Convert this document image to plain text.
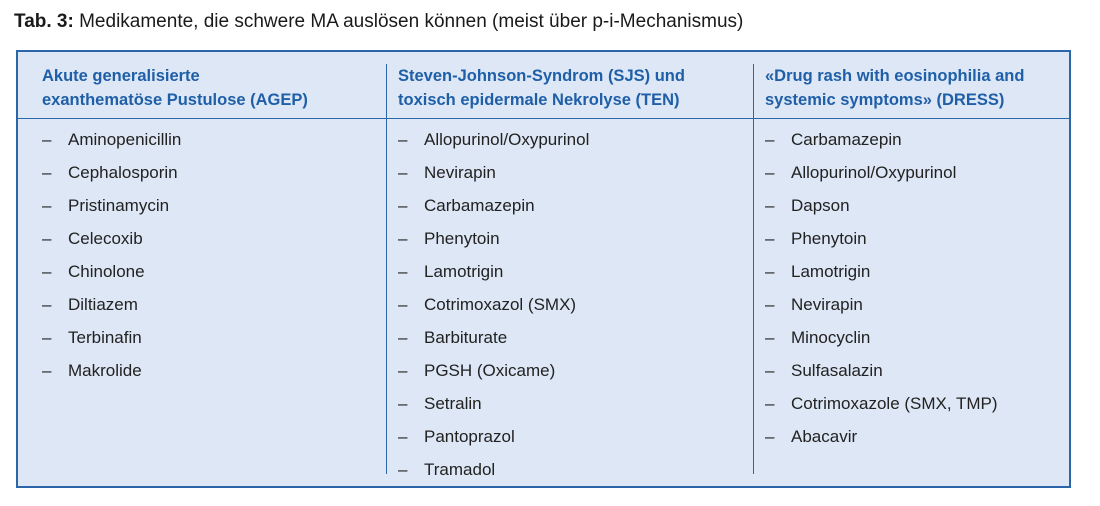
Tab. 3: Medikamente, die schwere MA auslösen können (meist über p-i-Mechanismus)
Akute generalisierte
exanthematöse Pustulose (AGEP)
– Aminopenicillin
– Cephalosporin
– Pristinamycin
– Celecoxib
– Chinolone
– Diltiazem
– Terbinafin
– Makrolide
Steven-Johnson-Syndrom (SJS) und
toxisch epidermale Nekrolyse (TEN)
– Allopurinol/Oxypurinol
– Nevirapin
– Carbamazepin
– Phenytoin
– Lamotrigin
– Cotrimoxazol (SMX)
– Barbiturate
– PGSH (Oxicame)
– Setralin
– Pantoprazol
– Tramadol
«Drug rash with eosinophilia and
systemic symptoms» (DRESS)
– Carbamazepin
– Allopurinol/Oxypurinol
– Dapson
– Phenytoin
– Lamotrigin
– Nevirapin
– Minocyclin
– Sulfasalazin
– Cotrimoxazole (SMX, TMP)
– Abacavir
